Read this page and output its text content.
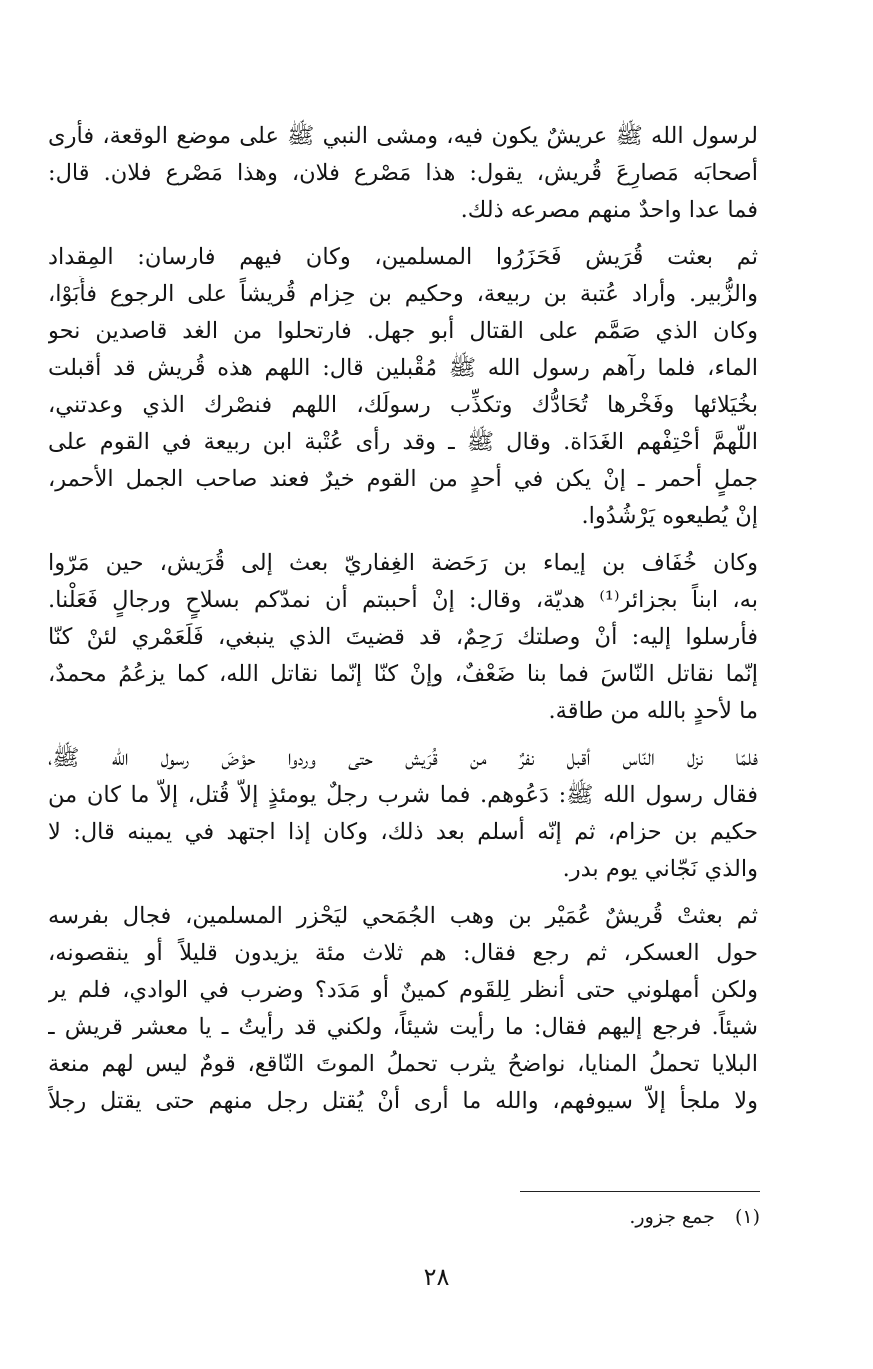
لرسول الله ﷺ عريشٌ يكون فيه، ومشى النبي ﷺ على موضع الوقعة، فأرى
أصحابَه مَصارِعَ قُريش، يقول: هذا مَصْرع فلان، وهذا مَصْرع فلان. قال:
فما عدا واحدٌ منهم مصرعه ذلك.
ثم بعثت قُرَيش فَحَزَرُوا المسلمين، وكان فيهم فارسان: المِقداد
والزُّبير. وأراد عُتبة بن ربيعة، وحكيم بن حِزام قُريشاً على الرجوع فأَبَوْا،
وكان الذي صَمَّم على القتال أبو جهل. فارتحلوا من الغد قاصدين نحو
الماء، فلما رآهم رسول الله ﷺ مُقْبلين قال: اللهم هذه قُريش قد أقبلت
بخُيَلائها وفَخْرها تُحَادُّك وتكذِّب رسولَك، اللهم فنصْرك الذي وعدتني،
اللّهمَّ أحْتِفْهم الغَدَاة. وقال ﷺ ـ وقد رأى عُتْبة ابن ربيعة في القوم على
جملٍ أحمر ـ إنْ يكن في أحدٍ من القوم خيرٌ فعند صاحب الجمل الأحمر،
إنْ يُطيعوه يَرْشُدُوا.
وكان خُفَاف بن إيماء بن رَحَضة الغِفاريّ بعث إلى قُرَيش، حين مَرّوا
به، ابناً بجزائر⁽¹⁾ هديّة، وقال: إنْ أحببتم أن نمدّكم بسلاحٍ ورجالٍ فَعَلْنا.
فأرسلوا إليه: أنْ وصلتك رَحِمٌ، قد قضيتَ الذي ينبغي، فَلَعَمْري لئنْ كنّا
إنّما نقاتل النّاسَ فما بنا ضَعْفٌ، وإنْ كنّا إنّما نقاتل الله، كما يزعُمُ محمدٌ،
ما لأحدٍ بالله من طاقة.
فلمّا نزل النّاس أقبل نفرٌ من قُرَيش حتى وردوا حوْضَ رسول الله ﷺ،
فقال رسول الله ﷺ: دَعُوهم. فما شرب رجلٌ يومئذٍ إلاّ قُتل، إلاّ ما كان من
حكيم بن حزام، ثم إنّه أسلم بعد ذلك، وكان إذا اجتهد في يمينه قال: لا
والذي نَجّاني يوم بدر.
ثم بعثتْ قُريشٌ عُمَيْر بن وهب الجُمَحي ليَحْزر المسلمين، فجال بفرسه
حول العسكر، ثم رجع فقال: هم ثلاث مئة يزيدون قليلاً أو ينقصونه،
ولكن أمهلوني حتى أنظر لِلقَوم كمينٌ أو مَدَد؟ وضرب في الوادي، فلم ير
شيئاً. فرجع إليهم فقال: ما رأيت شيئاً، ولكني قد رأيتُ ـ يا معشر قريش ـ
البلايا تحملُ المنايا، نواضحُ يثرب تحملُ الموتَ النّاقع، قومٌ ليس لهم منعة
ولا ملجأ إلاّ سيوفهم، والله ما أرى أنْ يُقتل رجل منهم حتى يقتل رجلاً
(١) جمع جزور.
٢٨
